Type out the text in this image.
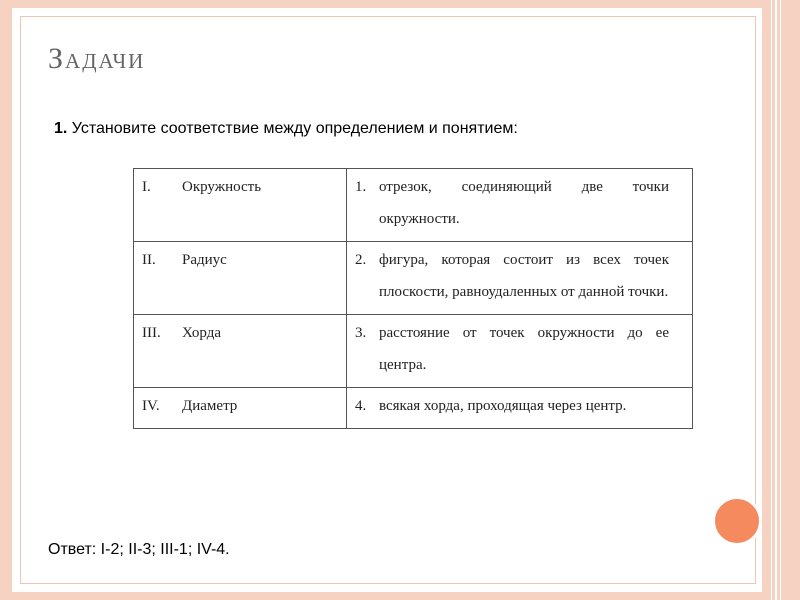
Задачи
1. Установите соответствие между определением и понятием:
I. Окружность	1. отрезок, соединяющий две точки окружности.
II. Радиус	2. фигура, которая состоит из всех точек плоскости, равноудаленных от данной точки.
III. Хорда	3. расстояние от точек окружности до ее центра.
IV. Диаметр	4. всякая хорда, проходящая через центр.
Ответ: I-2; II-3; III-1; IV-4.
